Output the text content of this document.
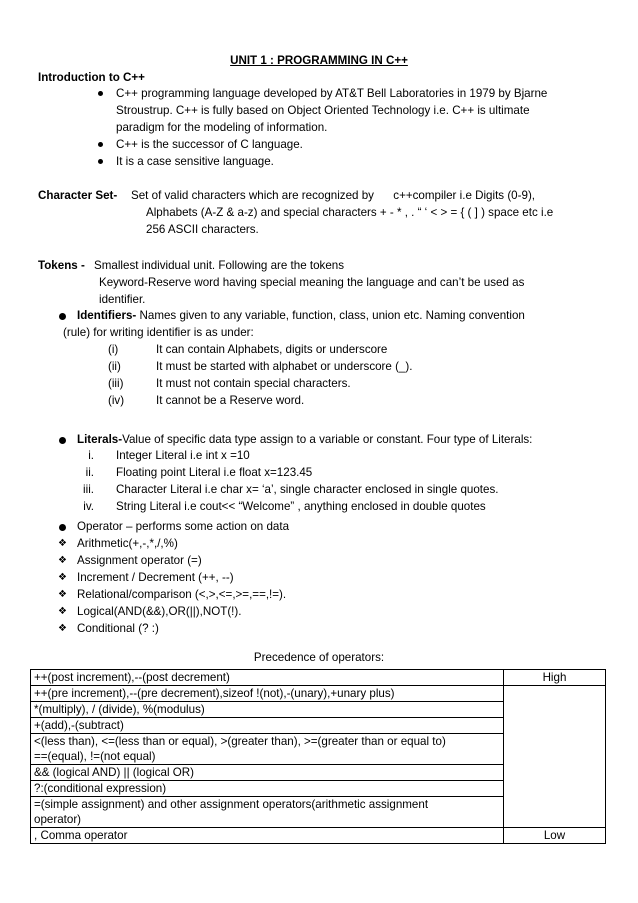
UNIT 1 : PROGRAMMING IN C++
Introduction to C++
C++ programming language developed by AT&T Bell Laboratories in 1979 by Bjarne
Stroustrup. C++ is fully based on Object Oriented Technology i.e. C++ is ultimate
paradigm for the modeling of information.
C++ is the successor of C language.
It is a case sensitive language.
Character Set- Set of valid characters which are recognized by      c++compiler i.e Digits (0-9),
Alphabets (A-Z & a-z) and special characters + - * , . “ ‘ < > = { ( ] ) space etc i.e
256 ASCII characters.
Tokens - Smallest individual unit. Following are the tokens
Keyword-Reserve word having special meaning the language and can’t be used as
identifier.
Identifiers- Names given to any variable, function, class, union etc. Naming convention
(rule) for writing identifier is as under:
(i)	It can contain Alphabets, digits or underscore
(ii)	It must be started with alphabet or underscore (_).
(iii)	It must not contain special characters.
(iv)	It cannot be a Reserve word.
Literals-Value of specific data type assign to a variable or constant. Four type of Literals:
i. Integer Literal i.e int x =10
ii. Floating point Literal i.e float x=123.45
iii. Character Literal i.e char x= ‘a’, single character enclosed in single quotes.
iv. String Literal i.e cout<< “Welcome” , anything enclosed in double quotes
Operator – performs some action on data
❖ Arithmetic(+,-,*,/,%)
❖ Assignment operator (=)
❖ Increment / Decrement (++, --)
❖ Relational/comparison (<,>,<=,>=,==,!=).
❖ Logical(AND(&&),OR(||),NOT(!).
❖ Conditional (? :)
Precedence of operators:
++(post increment),--(post decrement)	High
++(pre increment),--(pre decrement),sizeof !(not),-(unary),+unary plus)	
*(multiply), / (divide), %(modulus)	
+(add),-(subtract)	

<(less than), <=(less than or equal), >(greater than), >=(greater than or equal to)
==(equal), !=(not equal)	

&& (logical AND) || (logical OR)	
?:(conditional expression)	

=(simple assignment) and other assignment operators(arithmetic assignment
operator)	

, Comma operator	Low
